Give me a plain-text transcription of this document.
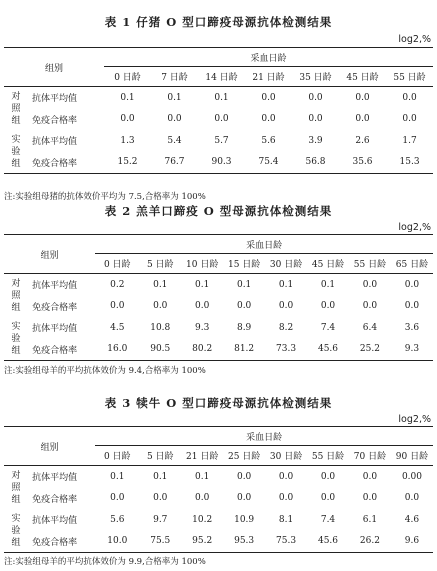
表 1 仔猪 O 型口蹄疫母源抗体检测结果
log2,%
组别		采血日龄						
		0 日龄	7 日龄	14 日龄	21 日龄	35 日龄	45 日龄	55 日龄
对照组	抗体平均值	0.1	0.1	0.1	0.0	0.0	0.0	0.0
	免疫合格率	0.0	0.0	0.0	0.0	0.0	0.0	0.0
实验组	抗体平均值	1.3	5.4	5.7	5.6	3.9	2.6	1.7
	免疫合格率	15.2	76.7	90.3	75.4	56.8	35.6	15.3
注:实验组母猪的抗体效价平均为 7.5,合格率为 100%
表 2 羔羊口蹄疫 O 型母源抗体检测结果
log2,%
组别		采血日龄							
		0 日龄	5 日龄	10 日龄	15 日龄	30 日龄	45 日龄	55 日龄	65 日龄
对照组	抗体平均值	0.2	0.1	0.1	0.1	0.1	0.1	0.0	0.0
	免疫合格率	0.0	0.0	0.0	0.0	0.0	0.0	0.0	0.0
实验组	抗体平均值	4.5	10.8	9.3	8.9	8.2	7.4	6.4	3.6
	免疫合格率	16.0	90.5	80.2	81.2	73.3	45.6	25.2	9.3
注:实验组母羊的平均抗体效价为 9.4,合格率为 100%
表 3 犊牛 O 型口蹄疫母源抗体检测结果
log2,%
组别		采血日龄							
		0 日龄	5 日龄	21 日龄	25 日龄	30 日龄	55 日龄	70 日龄	90 日龄
对照组	抗体平均值	0.1	0.1	0.1	0.0	0.0	0.0	0.0	0.00
	免疫合格率	0.0	0.0	0.0	0.0	0.0	0.0	0.0	0.0
实验组	抗体平均值	5.6	9.7	10.2	10.9	8.1	7.4	6.1	4.6
	免疫合格率	10.0	75.5	95.2	95.3	75.3	45.6	26.2	9.6
注:实验组母羊的平均抗体效价为 9.9,合格率为 100%
